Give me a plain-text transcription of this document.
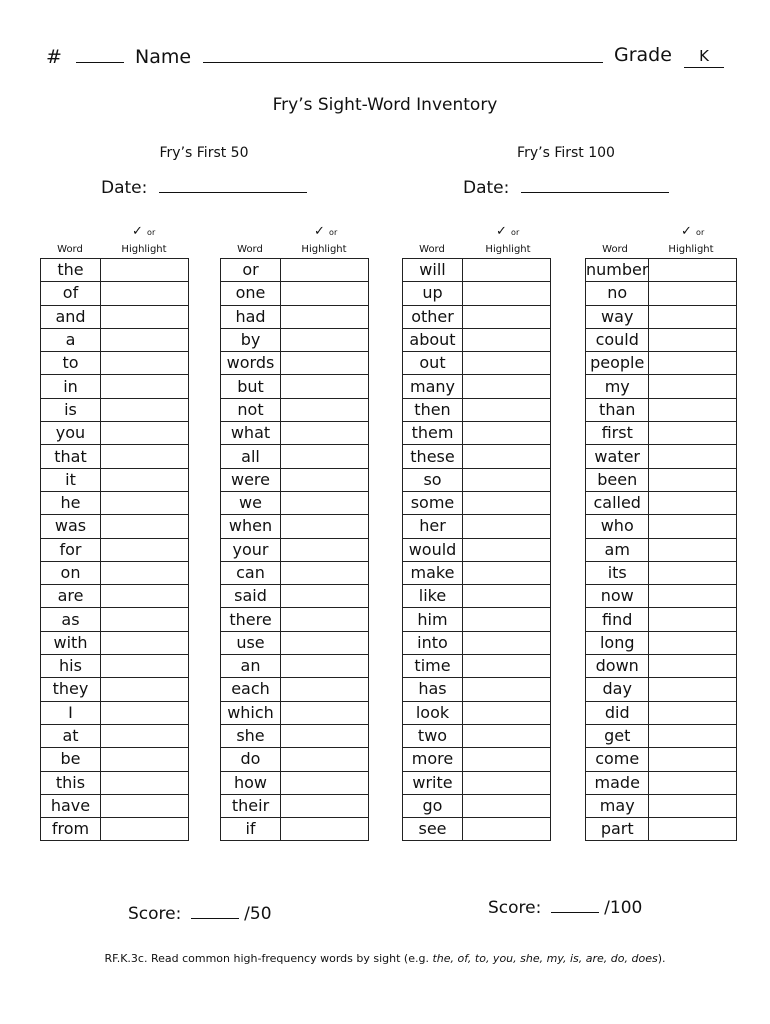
#	Name	Grade K
Fry’s Sight-Word Inventory
Fry’s First 50	Fry’s First 100
Date:	Date:
✓ or
Word	Highlight
✓ or
Word	Highlight
✓ or
Word	Highlight
✓ or
Word	Highlight
the	
of	
and	
a	
to	
in	
is	
you	
that	
it	
he	
was	
for	
on	
are	
as	
with	
his	
they	
I	
at	
be	
this	
have	
from	
or	
one	
had	
by	
words	
but	
not	
what	
all	
were	
we	
when	
your	
can	
said	
there	
use	
an	
each	
which	
she	
do	
how	
their	
if	
will	
up	
other	
about	
out	
many	
then	
them	
these	
so	
some	
her	
would	
make	
like	
him	
into	
time	
has	
look	
two	
more	
write	
go	
see	
number	
no	
way	
could	
people	
my	
than	
first	
water	
been	
called	
who	
am	
its	
now	
find	
long	
down	
day	
did	
get	
come	
made	
may	
part	
Score:	/50	Score:	/100
RF.K.3c. Read common high-frequency words by sight (e.g. the, of, to, you, she, my, is, are, do, does).
